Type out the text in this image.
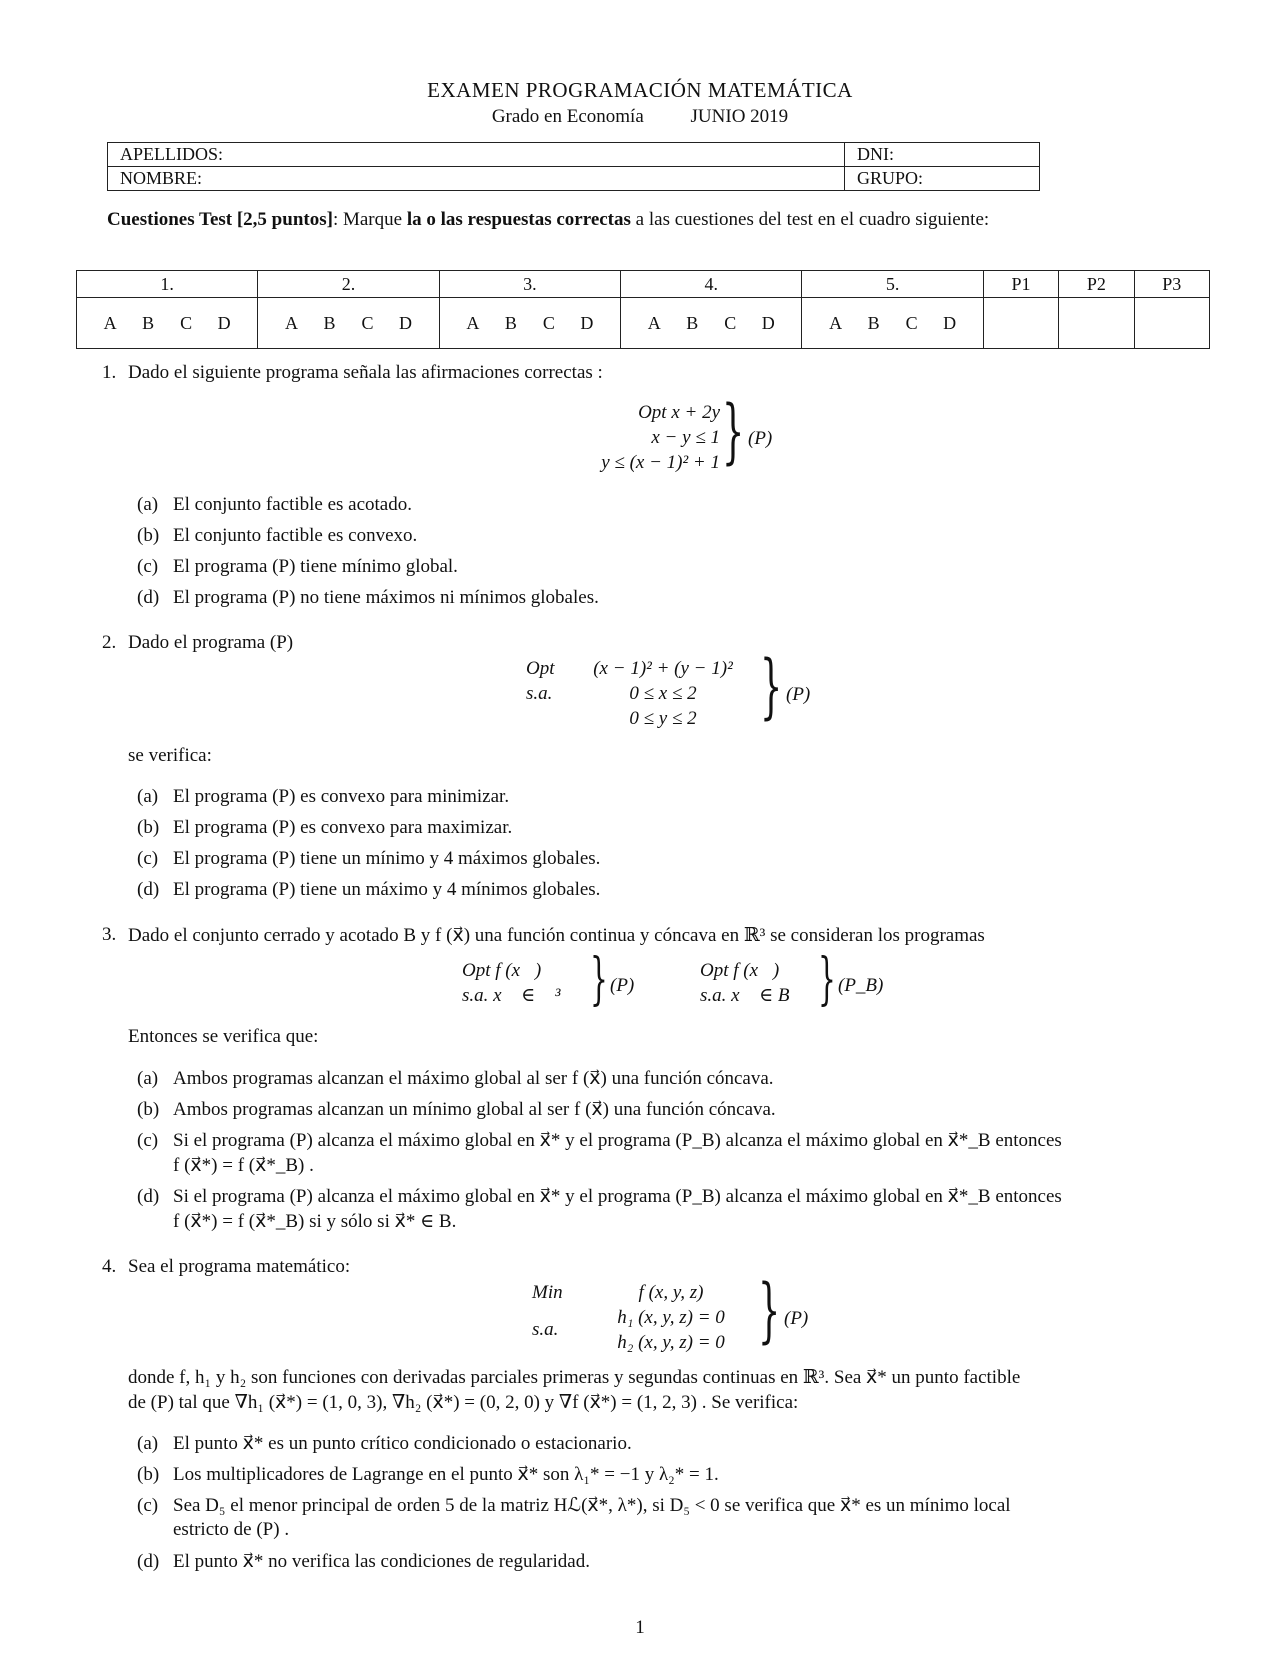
EXAMEN PROGRAMACIÓN MATEMÁTICA
Grado en Economía JUNIO 2019
APELLIDOS:	DNI:
NOMBRE:	GRUPO:
Cuestiones Test [2,5 puntos]: Marque la o las respuestas correctas a las cuestiones del test en el cuadro siguiente:
1.	2.	3.	4.	5.	P1	P2	P3
A B C D	A B C D	A B C D	A B C D	A B C D			
1. Dado el siguiente programa señala las afirmaciones correctas :
Opt x + 2y
x − y ≤ 1
y ≤ (x − 1)² + 1 } (P)
(a) El conjunto factible es acotado.
(b) El conjunto factible es convexo.
(c) El programa (P) tiene mínimo global.
(d) El programa (P) no tiene máximos ni mínimos globales.
2. Dado el programa (P)
Opt
s.a.
(x − 1)² + (y − 1)²
0 ≤ x ≤ 2
0 ≤ y ≤ 2 } (P)
se verifica:
(a) El programa (P) es convexo para minimizar.
(b) El programa (P) es convexo para maximizar.
(c) El programa (P) tiene un mínimo y 4 máximos globales.
(d) El programa (P) tiene un máximo y 4 mínimos globales.
3. Dado el conjunto cerrado y acotado B y f (x⃗) una función continua y cóncava en ℝ³ se consideran los programas
Opt f (x⃗)
s.a. x⃗ ∈ ℝ³ } (P)
Opt f (x⃗)
s.a. x⃗ ∈ B } (P_B)
Entonces se verifica que:
(a) Ambos programas alcanzan el máximo global al ser f (x⃗) una función cóncava.
(b) Ambos programas alcanzan un mínimo global al ser f (x⃗) una función cóncava.
(c) Si el programa (P) alcanza el máximo global en x⃗* y el programa (P_B) alcanza el máximo global en x⃗*_B entonces
f (x⃗*) = f (x⃗*_B) .
(d) Si el programa (P) alcanza el máximo global en x⃗* y el programa (P_B) alcanza el máximo global en x⃗*_B entonces
f (x⃗*) = f (x⃗*_B) si y sólo si x⃗* ∈ B.
4. Sea el programa matemático:
Min
s.a.
f (x, y, z)
h₁ (x, y, z) = 0
h₂ (x, y, z) = 0 } (P)
donde f, h₁ y h₂ son funciones con derivadas parciales primeras y segundas continuas en ℝ³. Sea x⃗* un punto factible
de (P) tal que ∇h₁ (x⃗*) = (1, 0, 3), ∇h₂ (x⃗*) = (0, 2, 0) y ∇f (x⃗*) = (1, 2, 3) . Se verifica:
(a) El punto x⃗* es un punto crítico condicionado o estacionario.
(b) Los multiplicadores de Lagrange en el punto x⃗* son λ₁* = −1 y λ₂* = 1.
(c) Sea D₅ el menor principal de orden 5 de la matriz Hℒ(x⃗*, λ*), si D₅ < 0 se verifica que x⃗* es un mínimo local
estricto de (P) .
(d) El punto x⃗* no verifica las condiciones de regularidad.
1
